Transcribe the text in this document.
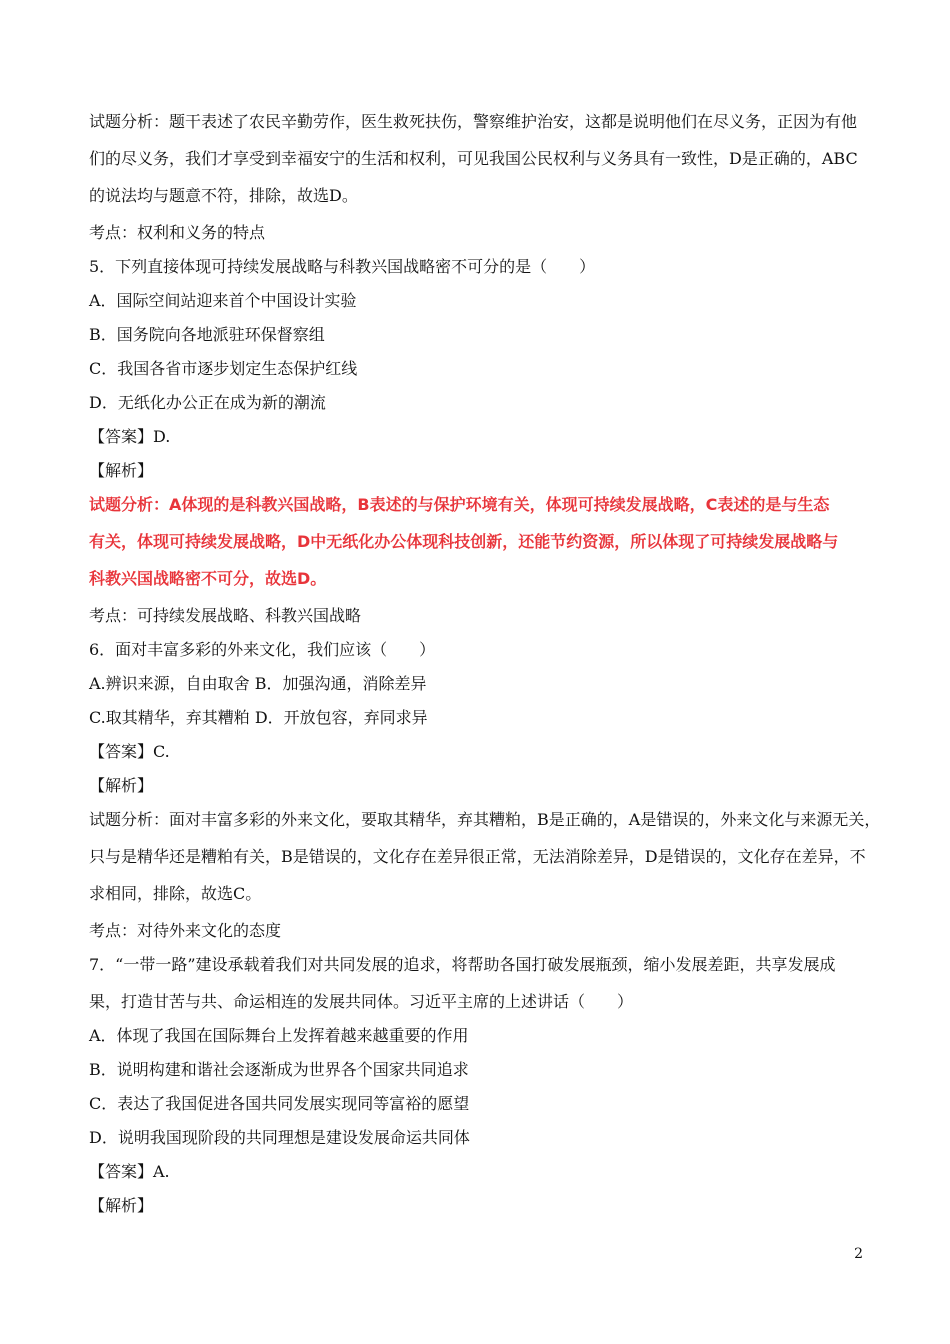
试题分析：题干表述了农民辛勤劳作，医生救死扶伤，警察维护治安，这都是说明他们在尽义务，正因为有他

们的尽义务，我们才享受到幸福安宁的生活和权利，可见我国公民权利与义务具有一致性，D是正确的，ABC

的说法均与题意不符，排除，故选D。

考点：权利和义务的特点

5．下列直接体现可持续发展战略与科教兴国战略密不可分的是（　　）

A．国际空间站迎来首个中国设计实验

B．国务院向各地派驻环保督察组

C．我国各省市逐步划定生态保护红线

D．无纸化办公正在成为新的潮流

【答案】D.

【解析】

试题分析：A体现的是科教兴国战略，B表述的与保护环境有关，体现可持续发展战略，C表述的是与生态

有关，体现可持续发展战略，D中无纸化办公体现科技创新，还能节约资源，所以体现了可持续发展战略与

科教兴国战略密不可分，故选D。

考点：可持续发展战略、科教兴国战略

6．面对丰富多彩的外来文化，我们应该（　　）

A.辨识来源，自由取舍 B．加强沟通，消除差异

C.取其精华，弃其糟粕 D．开放包容，弃同求异

【答案】C.

【解析】

试题分析：面对丰富多彩的外来文化，要取其精华，弃其糟粕，B是正确的，A是错误的，外来文化与来源无关，

只与是精华还是糟粕有关，B是错误的，文化存在差异很正常，无法消除差异，D是错误的，文化存在差异，不

求相同，排除，故选C。

考点：对待外来文化的态度

7．“一带一路”建设承载着我们对共同发展的追求，将帮助各国打破发展瓶颈，缩小发展差距，共享发展成

果，打造甘苦与共、命运相连的发展共同体。习近平主席的上述讲话（　　）

A．体现了我国在国际舞台上发挥着越来越重要的作用

B．说明构建和谐社会逐渐成为世界各个国家共同追求

C．表达了我国促进各国共同发展实现同等富裕的愿望

D．说明我国现阶段的共同理想是建设发展命运共同体

【答案】A.

【解析】

2
